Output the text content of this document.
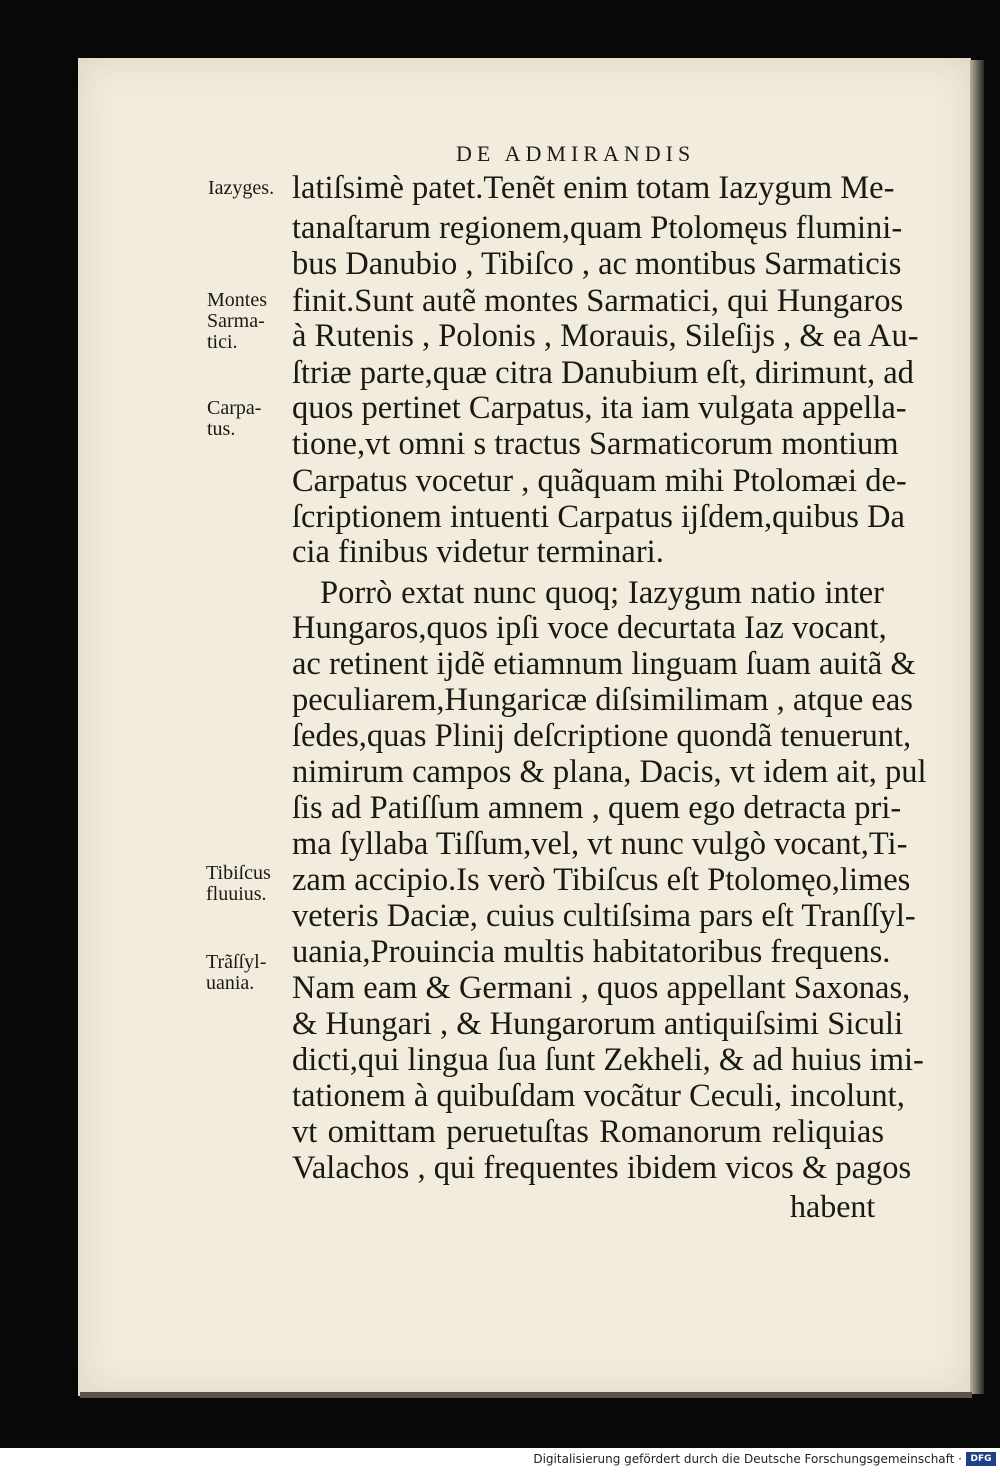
DE ADMIRANDIS
latiſsimè patet.Tenẽt enim totam Iazygum Me-
tanaſtarum regionem,quam Ptolomęus flumini-
bus Danubio , Tibiſco , ac montibus Sarmaticis
finit.Sunt autẽ montes Sarmatici, qui Hungaros
à Rutenis , Polonis , Morauis, Sileſijs , & ea Au-
ſtriæ parte,quæ citra Danubium eſt, dirimunt, ad
quos pertinet Carpatus, ita iam vulgata appella-
tione,vt omni s tractus Sarmaticorum montium
Carpatus vocetur , quãquam mihi Ptolomæi de-
ſcriptionem intuenti Carpatus ijſdem,quibus Da
cia finibus videtur terminari.
Porrò extat nunc quoq; Iazygum natio inter
Hungaros,quos ipſi voce decurtata Iaz vocant,
ac retinent ijdẽ etiamnum linguam ſuam auitã &
peculiarem,Hungaricæ diſsimilimam , atque eas
ſedes,quas Plinij deſcriptione quondã tenuerunt,
nimirum campos & plana, Dacis, vt idem ait, pul
ſis ad Patiſſum amnem , quem ego detracta pri-
ma ſyllaba Tiſſum,vel, vt nunc vulgò vocant,Ti-
zam accipio.Is verò Tibiſcus eſt Ptolomęo,limes
veteris Daciæ, cuius cultiſsima pars eſt Tranſſyl-
uania,Prouincia multis habitatoribus frequens.
Nam eam & Germani , quos appellant Saxonas,
& Hungari , & Hungarorum antiquiſsimi Siculi
dicti,qui lingua ſua ſunt Zekheli, & ad huius imi-
tationem à quibuſdam vocãtur Ceculi, incolunt,
vt omittam peruetuſtas Romanorum reliquias
Valachos , qui frequentes ibidem vicos & pagos
habent
Iazyges.
Montes
Sarma-
tici.
Carpa-
tus.
Tibiſcus
fluuius.
Trãſſyl-
uania.
Digitalisierung gefördert durch die Deutsche Forschungsgemeinschaft · DFG
